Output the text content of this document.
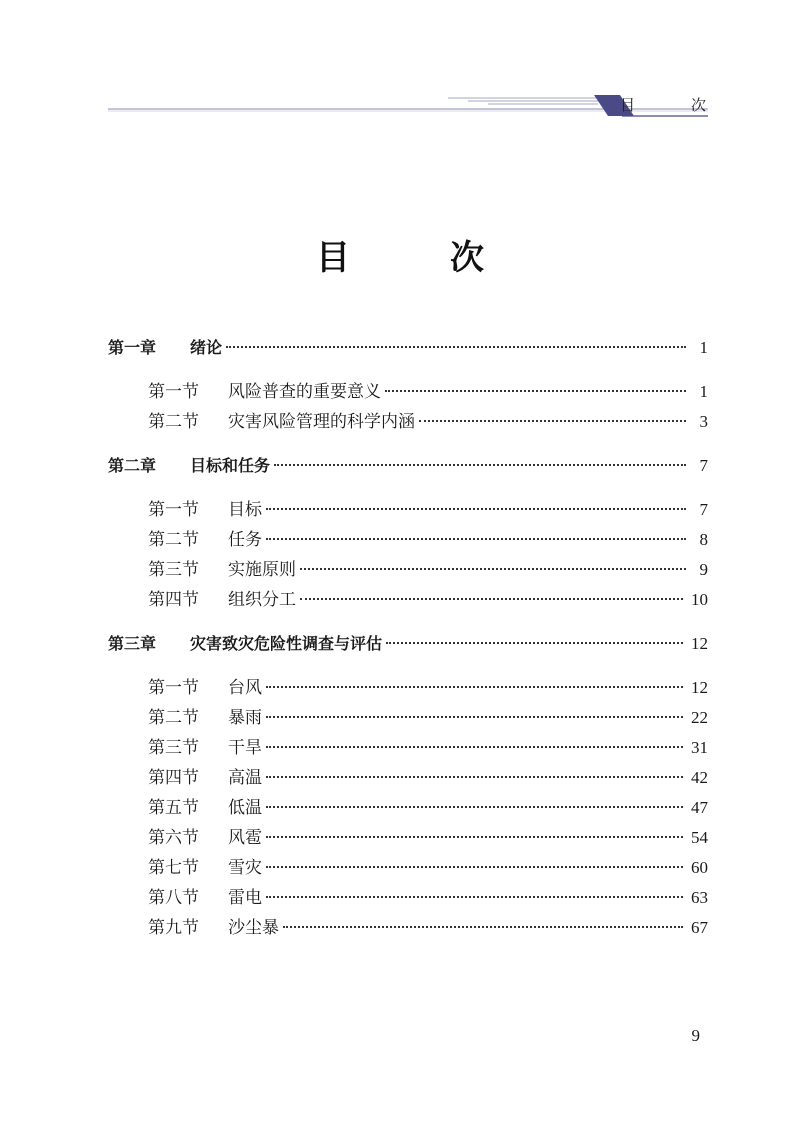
目	次
目	次
第一章 绪论	1
第一节 风险普查的重要意义	1
第二节 灾害风险管理的科学内涵	3
第二章 目标和任务	7
第一节 目标	7
第二节 任务	8
第三节 实施原则	9
第四节 组织分工	10
第三章 灾害致灾危险性调查与评估	12
第一节 台风	12
第二节 暴雨	22
第三节 干旱	31
第四节 高温	42
第五节 低温	47
第六节 风雹	54
第七节 雪灾	60
第八节 雷电	63
第九节 沙尘暴	67
9
